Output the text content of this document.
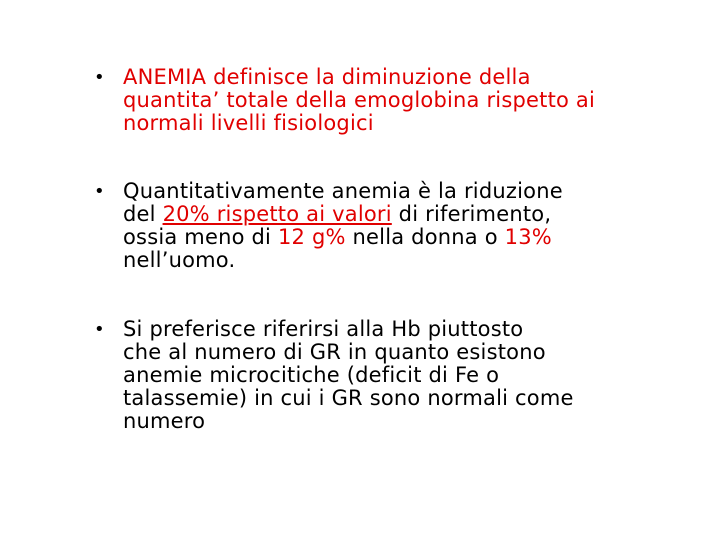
• ANEMIA definisce la diminuzione della
quantita’ totale della emoglobina rispetto ai
normali livelli fisiologici
• Quantitativamente anemia è la riduzione
del 20% rispetto ai valori di riferimento,
ossia meno di 12 g% nella donna o 13%
nell’uomo.
• Si preferisce riferirsi alla Hb piuttosto
che al numero di GR in quanto esistono
anemie microcitiche (deficit di Fe o
talassemie) in cui i GR sono normali come
numero
